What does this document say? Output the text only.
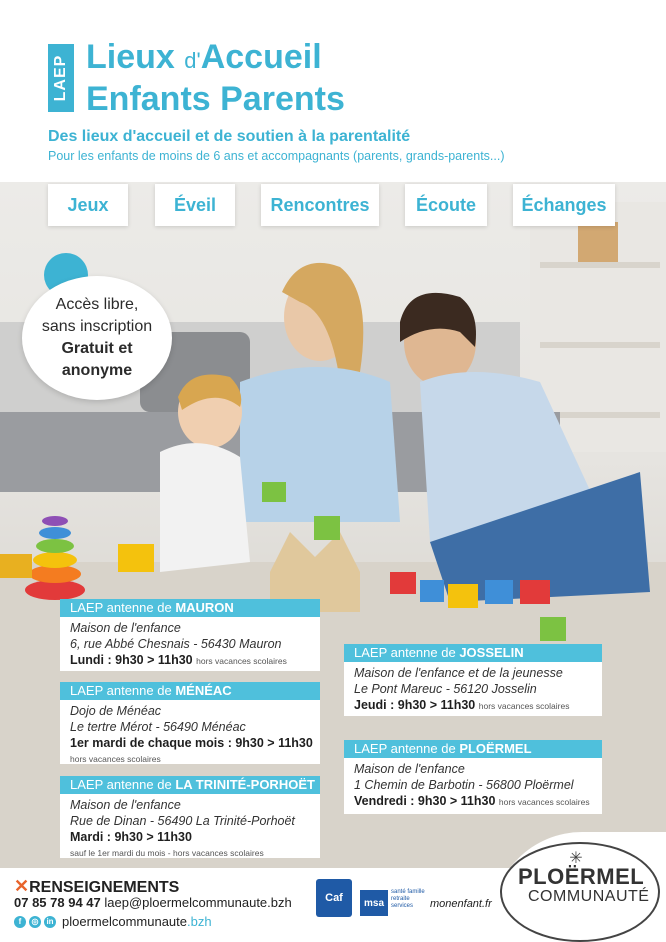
LAEP Lieux d'Accueil
Enfants Parents
Des lieux d'accueil et de soutien à la parentalité
Pour les enfants de moins de 6 ans et accompagnants (parents, grands-parents...)
Jeux	Éveil	Rencontres	Écoute	Échanges
Accès libre,
sans inscription
Gratuit et
anonyme
LAEP antenne de MAURON
Maison de l'enfance
6, rue Abbé Chesnais - 56430 Mauron
Lundi : 9h30 > 11h30 hors vacances scolaires
LAEP antenne de JOSSELIN
Maison de l'enfance et de la jeunesse
Le Pont Mareuc - 56120 Josselin
Jeudi : 9h30 > 11h30 hors vacances scolaires
LAEP antenne de MÉNÉAC
Dojo de Ménéac
Le tertre Mérot - 56490 Ménéac
1er mardi de chaque mois : 9h30 > 11h30
hors vacances scolaires
LAEP antenne de PLOËRMEL
Maison de l'enfance
1 Chemin de Barbotin - 56800 Ploërmel
Vendredi : 9h30 > 11h30 hors vacances scolaires
LAEP antenne de LA TRINITÉ-PORHOËT
Maison de l'enfance
Rue de Dinan - 56490 La Trinité-Porhoët
Mardi : 9h30 > 11h30
sauf le 1er mardi du mois - hors vacances scolaires
✕RENSEIGNEMENTS
07 85 78 94 47 laep@ploermelcommunaute.bzh
f	◎ in ploermelcommunaute.bzh
Caf msa
santé famille retraite services	monenfant.fr
✳
PLOËRMEL
COMMUNAUTÉ
